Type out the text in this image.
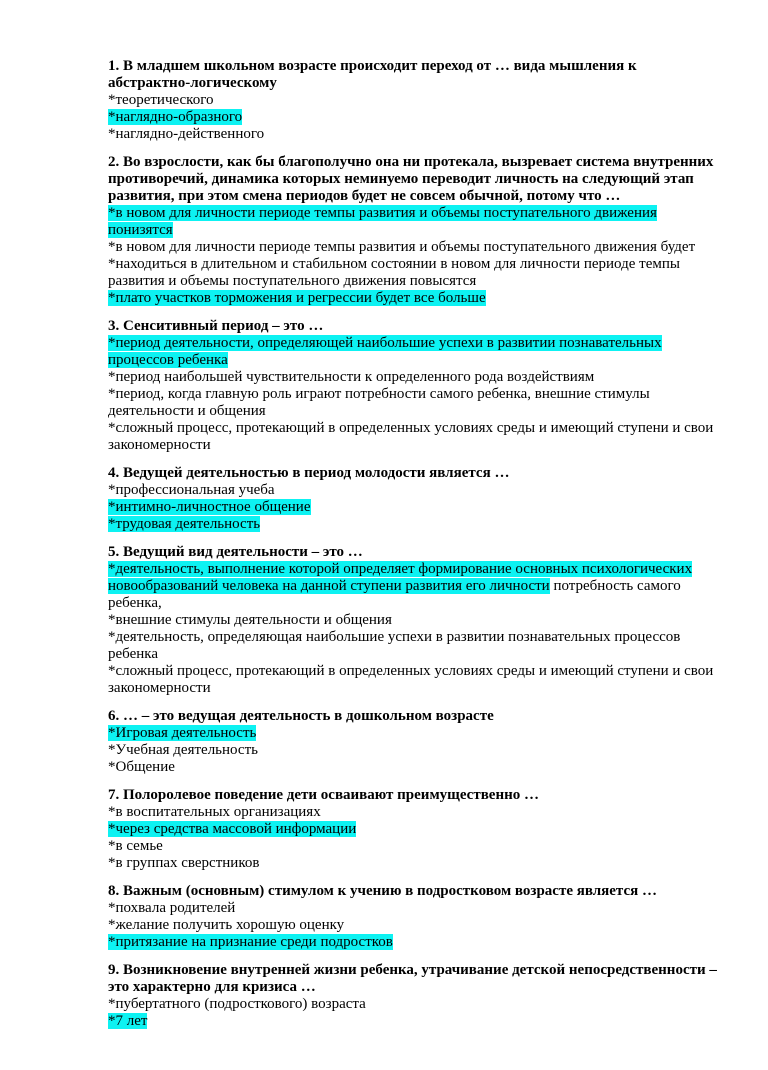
1. В младшем школьном возрасте происходит переход от … вида мышления к абстрактно-логическому

*теоретического

*наглядно-образного

*наглядно-действенного

2. Во взрослости, как бы благополучно она ни протекала, вызревает система внутренних противоречий, динамика которых неминуемо переводит личность на следующий этап развития, при этом смена периодов будет не совсем обычной, потому что …

*в новом для личности периоде темпы развития и объемы поступательного движения понизятся

*в новом для личности периоде темпы развития и объемы поступательного движения будет

*находиться в длительном и стабильном состоянии в новом для личности периоде темпы развития и объемы поступательного движения повысятся

*плато участков торможения и регрессии будет все больше

3. Сенситивный период – это …

*период деятельности, определяющей наибольшие успехи в развитии познавательных процессов ребенка

*период наибольшей чувствительности к определенного рода воздействиям

*период, когда главную роль играют потребности самого ребенка, внешние стимулы деятельности и общения

*сложный процесс, протекающий в определенных условиях среды и имеющий ступени и свои закономерности

4. Ведущей деятельностью в период молодости является …

*профессиональная учеба

*интимно-личностное общение

*трудовая деятельность

5. Ведущий вид деятельности – это …

*деятельность, выполнение которой определяет формирование основных психологических новообразований человека на данной ступени развития его личности потребность самого ребенка,

*внешние стимулы деятельности и общения

*деятельность, определяющая наибольшие успехи в развитии познавательных процессов ребенка

*сложный процесс, протекающий в определенных условиях среды и имеющий ступени и свои закономерности

6. … – это ведущая деятельность в дошкольном возрасте

*Игровая деятельность

*Учебная деятельность

*Общение

7. Полоролевое поведение дети осваивают преимущественно …

*в воспитательных организациях

*через средства массовой информации

*в семье

*в группах сверстников

8. Важным (основным) стимулом к учению в подростковом возрасте является …

*похвала родителей

*желание получить хорошую оценку

*притязание на признание среди подростков

9. Возникновение внутренней жизни ребенка, утрачивание детской непосредственности – это характерно для кризиса …

*пубертатного (подросткового) возраста

*7 лет
